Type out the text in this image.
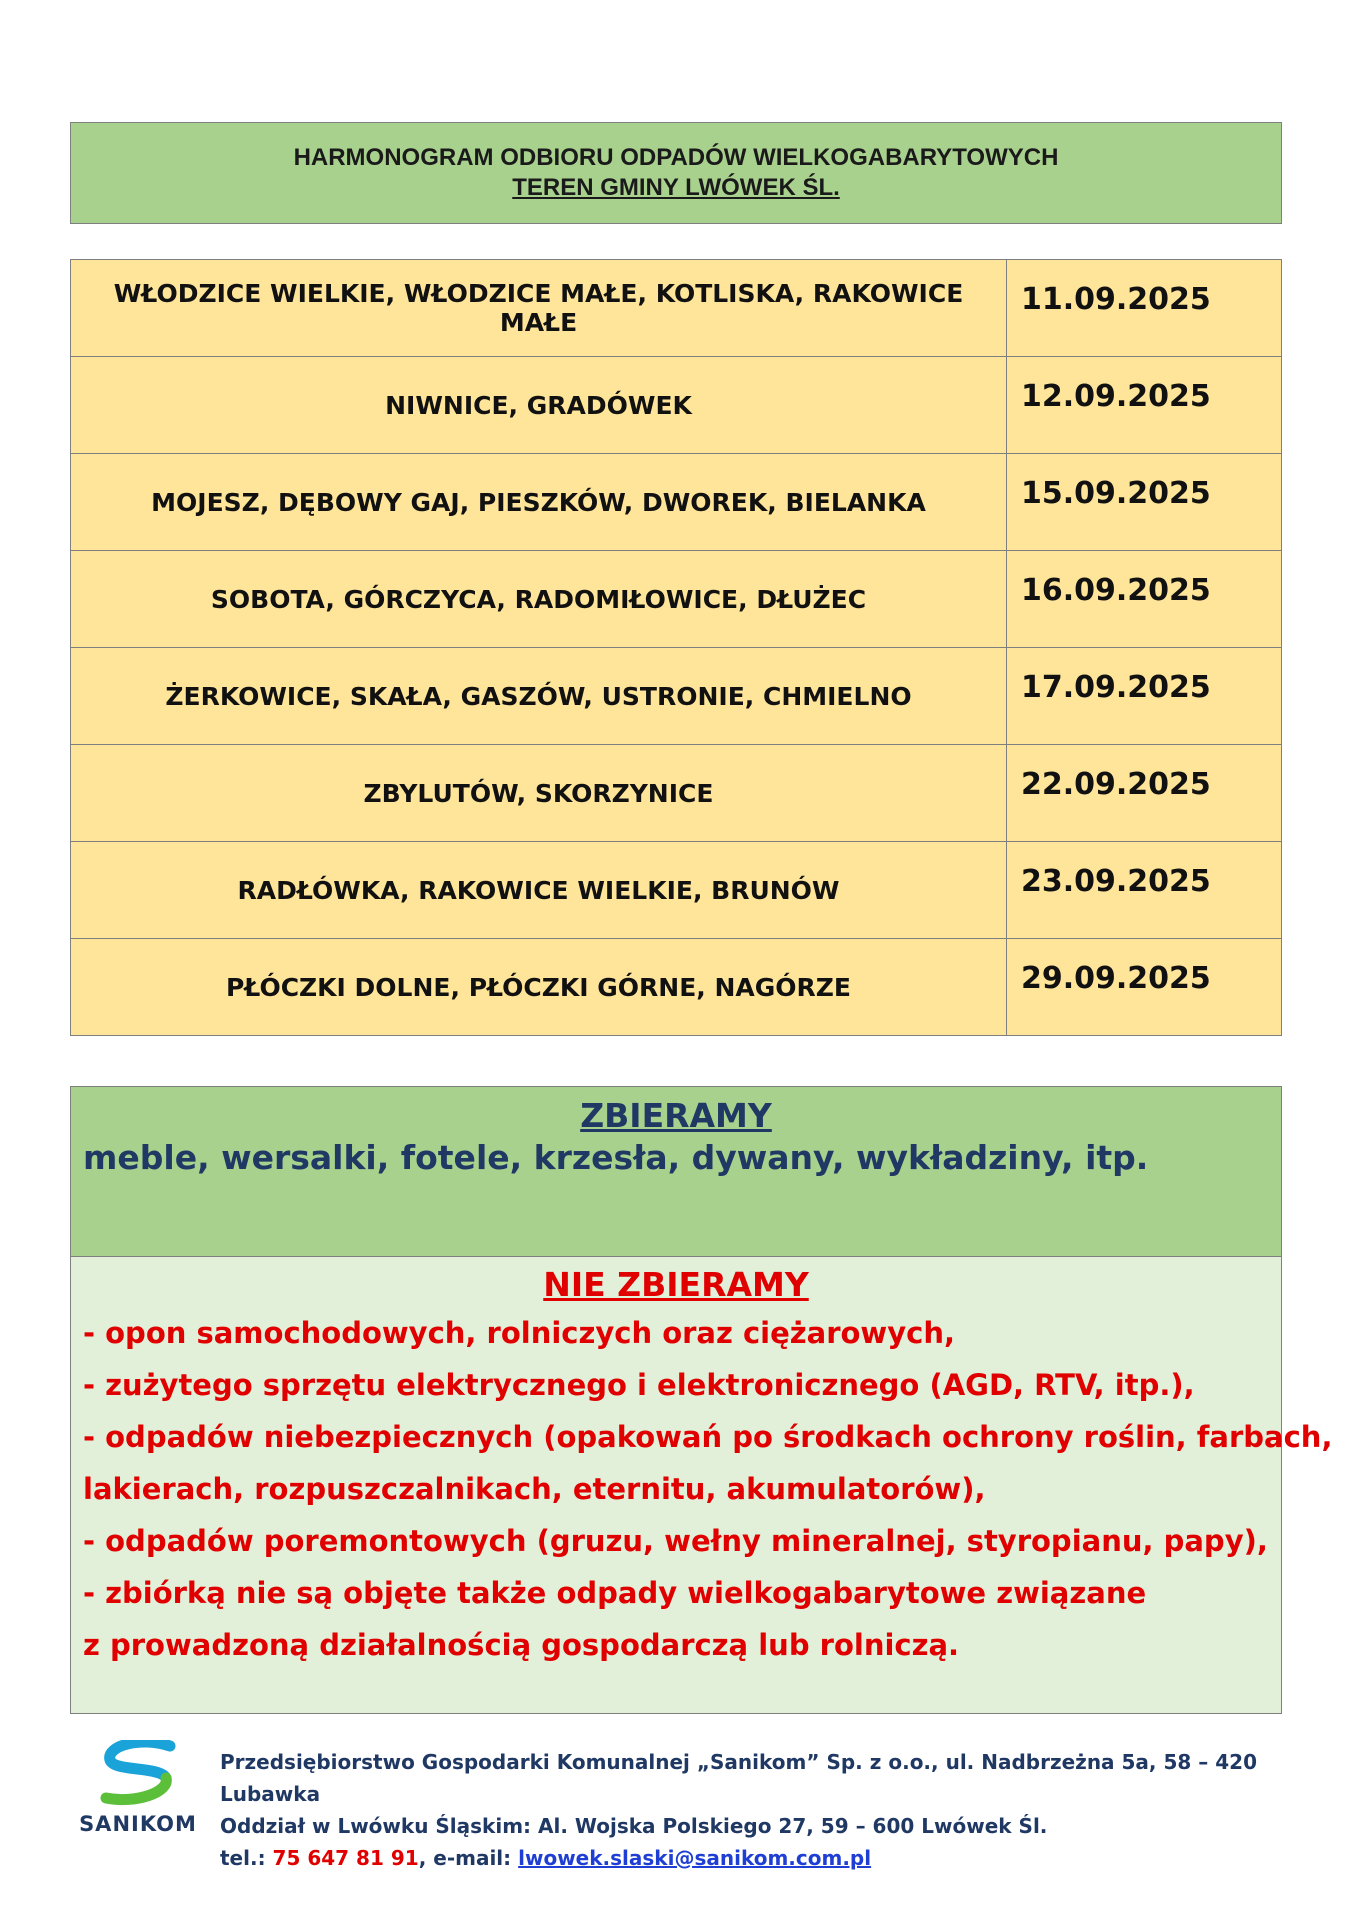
HARMONOGRAM ODBIORU ODPADÓW WIELKOGABARYTOWYCH
TEREN GMINY LWÓWEK ŚL.
WŁODZICE WIELKIE, WŁODZICE MAŁE, KOTLISKA, RAKOWICE MAŁE	11.09.2025
NIWNICE, GRADÓWEK	12.09.2025
MOJESZ, DĘBOWY GAJ, PIESZKÓW, DWOREK, BIELANKA	15.09.2025
SOBOTA, GÓRCZYCA, RADOMIŁOWICE, DŁUŻEC	16.09.2025
ŻERKOWICE, SKAŁA, GASZÓW, USTRONIE, CHMIELNO	17.09.2025
ZBYLUTÓW, SKORZYNICE	22.09.2025
RADŁÓWKA, RAKOWICE WIELKIE, BRUNÓW	23.09.2025
PŁÓCZKI DOLNE, PŁÓCZKI GÓRNE, NAGÓRZE	29.09.2025
ZBIERAMY
meble, wersalki, fotele, krzesła, dywany, wykładziny, itp.
NIE ZBIERAMY
- opon samochodowych, rolniczych oraz ciężarowych,
- zużytego sprzętu elektrycznego i elektronicznego (AGD, RTV, itp.),
- odpadów niebezpiecznych (opakowań po środkach ochrony roślin, farbach,
lakierach, rozpuszczalnikach, eternitu, akumulatorów),
- odpadów poremontowych (gruzu, wełny mineralnej, styropianu, papy),
- zbiórką nie są objęte także odpady wielkogabarytowe związane
z prowadzoną działalnością gospodarczą lub rolniczą.
SANIKOM
Przedsiębiorstwo Gospodarki Komunalnej „Sanikom” Sp. z o.o., ul. Nadbrzeżna 5a, 58 – 420 Lubawka
Oddział w Lwówku Śląskim: Al. Wojska Polskiego 27, 59 – 600 Lwówek Śl.
tel.: 75 647 81 91, e-mail: lwowek.slaski@sanikom.com.pl
